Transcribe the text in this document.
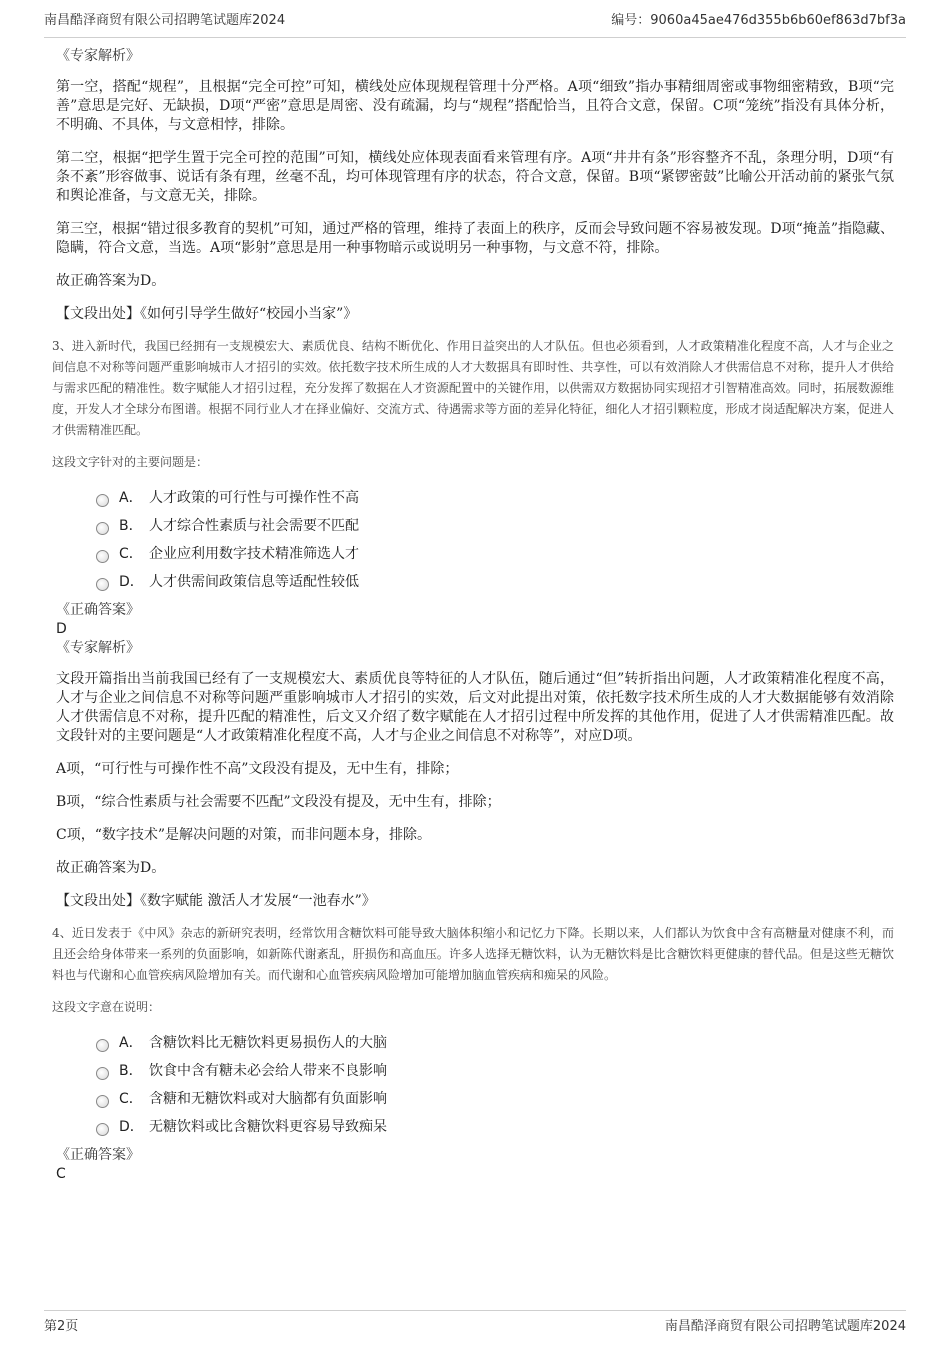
南昌酷泽商贸有限公司招聘笔试题库2024	编号：9060a45ae476d355b6b60ef863d7bf3a
《专家解析》

第一空，搭配“规程”，且根据“完全可控”可知，横线处应体现规程管理十分严格。A项“细致”指办事精细周密或事物细密精致，B项“完善”意思是完好、无缺损，D项“严密”意思是周密、没有疏漏，均与“规程”搭配恰当，且符合文意，保留。C项“笼统”指没有具体分析，不明确、不具体，与文意相悖，排除。

第二空，根据“把学生置于完全可控的范围”可知，横线处应体现表面看来管理有序。A项“井井有条”形容整齐不乱，条理分明，D项“有条不紊”形容做事、说话有条有理，丝毫不乱，均可体现管理有序的状态，符合文意，保留。B项“紧锣密鼓”比喻公开活动前的紧张气氛和舆论准备，与文意无关，排除。

第三空，根据“错过很多教育的契机”可知，通过严格的管理，维持了表面上的秩序，反而会导致问题不容易被发现。D项“掩盖”指隐藏、隐瞒，符合文意，当选。A项“影射”意思是用一种事物暗示或说明另一种事物，与文意不符，排除。

故正确答案为D。

【文段出处】《如何引导学生做好“校园小当家”》

3、进入新时代，我国已经拥有一支规模宏大、素质优良、结构不断优化、作用日益突出的人才队伍。但也必须看到，人才政策精准化程度不高，人才与企业之间信息不对称等问题严重影响城市人才招引的实效。依托数字技术所生成的人才大数据具有即时性、共享性，可以有效消除人才供需信息不对称，提升人才供给与需求匹配的精准性。数字赋能人才招引过程，充分发挥了数据在人才资源配置中的关键作用，以供需双方数据协同实现招才引智精准高效。同时，拓展数源维度，开发人才全球分布图谱。根据不同行业人才在择业偏好、交流方式、待遇需求等方面的差异化特征，细化人才招引颗粒度，形成才岗适配解决方案，促进人才供需精准匹配。

这段文字针对的主要问题是：

A． 人才政策的可行性与可操作性不高
B． 人才综合性素质与社会需要不匹配
C． 企业应利用数字技术精准筛选人才
D． 人才供需间政策信息等适配性较低
《正确答案》
D
《专家解析》

文段开篇指出当前我国已经有了一支规模宏大、素质优良等特征的人才队伍，随后通过“但”转折指出问题，人才政策精准化程度不高，人才与企业之间信息不对称等问题严重影响城市人才招引的实效，后文对此提出对策，依托数字技术所生成的人才大数据能够有效消除人才供需信息不对称，提升匹配的精准性，后文又介绍了数字赋能在人才招引过程中所发挥的其他作用，促进了人才供需精准匹配。故文段针对的主要问题是“人才政策精准化程度不高，人才与企业之间信息不对称等”，对应D项。

A项，“可行性与可操作性不高”文段没有提及，无中生有，排除；

B项，“综合性素质与社会需要不匹配”文段没有提及，无中生有，排除；

C项，“数字技术”是解决问题的对策，而非问题本身，排除。

故正确答案为D。

【文段出处】《数字赋能 激活人才发展“一池春水”》

4、近日发表于《中风》杂志的新研究表明，经常饮用含糖饮料可能导致大脑体积缩小和记忆力下降。长期以来，人们都认为饮食中含有高糖量对健康不利，而且还会给身体带来一系列的负面影响，如新陈代谢紊乱，肝损伤和高血压。许多人选择无糖饮料，认为无糖饮料是比含糖饮料更健康的替代品。但是这些无糖饮料也与代谢和心血管疾病风险增加有关。而代谢和心血管疾病风险增加可能增加脑血管疾病和痴呆的风险。

这段文字意在说明：

A． 含糖饮料比无糖饮料更易损伤人的大脑
B． 饮食中含有糖未必会给人带来不良影响
C． 含糖和无糖饮料或对大脑都有负面影响
D． 无糖饮料或比含糖饮料更容易导致痴呆
《正确答案》
C
第2页	南昌酷泽商贸有限公司招聘笔试题库2024
